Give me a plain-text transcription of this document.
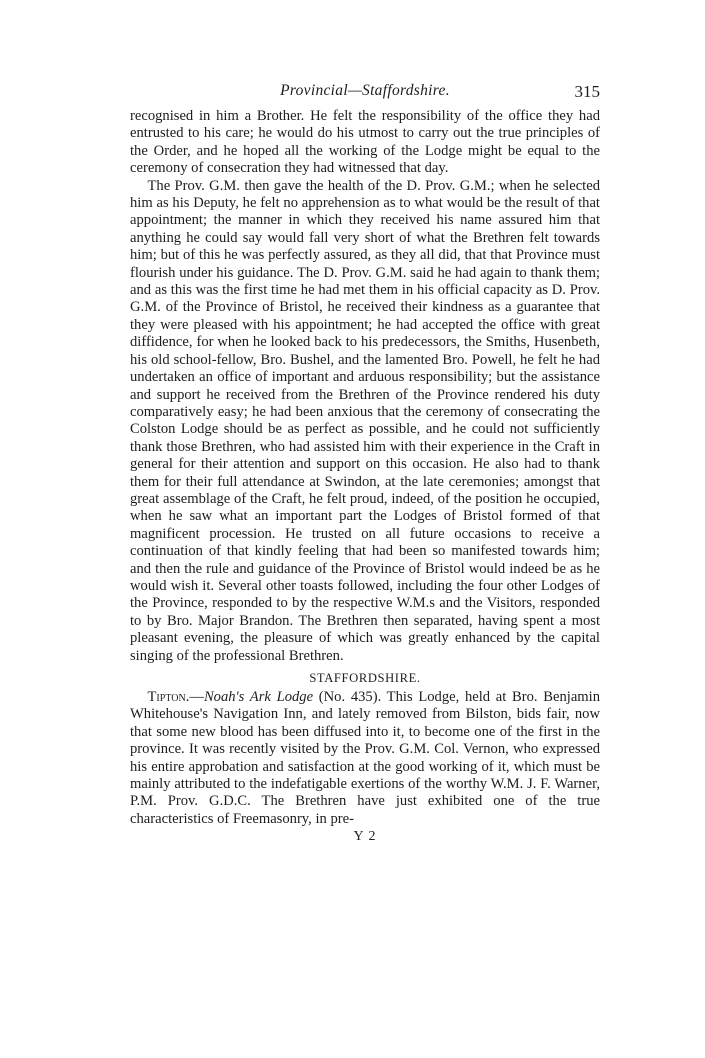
Provincial—Staffordshire.	315

recognised in him a Brother. He felt the responsibility of the office they had entrusted to his care; he would do his utmost to carry out the true principles of the Order, and he hoped all the working of the Lodge might be equal to the ceremony of consecration they had witnessed that day.

The Prov. G.M. then gave the health of the D. Prov. G.M.; when he selected him as his Deputy, he felt no apprehension as to what would be the result of that appointment; the manner in which they received his name assured him that anything he could say would fall very short of what the Brethren felt towards him; but of this he was perfectly assured, as they all did, that that Province must flourish under his guidance. The D. Prov. G.M. said he had again to thank them; and as this was the first time he had met them in his official capacity as D. Prov. G.M. of the Province of Bristol, he received their kindness as a guarantee that they were pleased with his appointment; he had accepted the office with great diffidence, for when he looked back to his predecessors, the Smiths, Husenbeth, his old school-fellow, Bro. Bushel, and the lamented Bro. Powell, he felt he had undertaken an office of important and arduous responsibility; but the assistance and support he received from the Brethren of the Province rendered his duty comparatively easy; he had been anxious that the ceremony of consecrating the Colston Lodge should be as perfect as possible, and he could not sufficiently thank those Brethren, who had assisted him with their experience in the Craft in general for their attention and support on this occasion. He also had to thank them for their full attendance at Swindon, at the late ceremonies; amongst that great assemblage of the Craft, he felt proud, indeed, of the position he occupied, when he saw what an important part the Lodges of Bristol formed of that magnificent procession. He trusted on all future occasions to receive a continuation of that kindly feeling that had been so manifested towards him; and then the rule and guidance of the Province of Bristol would indeed be as he would wish it. Several other toasts followed, including the four other Lodges of the Province, responded to by the respective W.M.s and the Visitors, responded to by Bro. Major Brandon. The Brethren then separated, having spent a most pleasant evening, the pleasure of which was greatly enhanced by the capital singing of the professional Brethren.

STAFFORDSHIRE.

Tipton.—Noah's Ark Lodge (No. 435). This Lodge, held at Bro. Benjamin Whitehouse's Navigation Inn, and lately removed from Bilston, bids fair, now that some new blood has been diffused into it, to become one of the first in the province. It was recently visited by the Prov. G.M. Col. Vernon, who expressed his entire approbation and satisfaction at the good working of it, which must be mainly attributed to the indefatigable exertions of the worthy W.M. J. F. Warner, P.M. Prov. G.D.C. The Brethren have just exhibited one of the true characteristics of Freemasonry, in pre-

Y 2
